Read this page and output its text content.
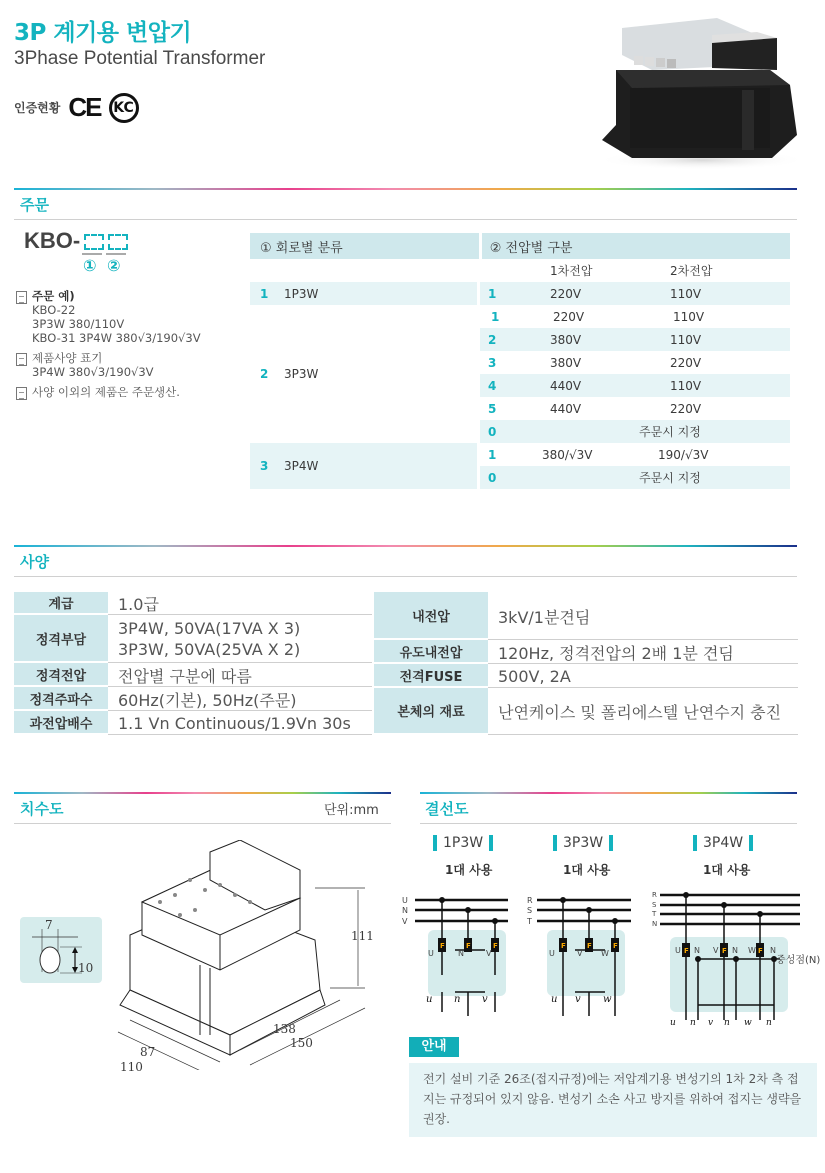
3P 계기용 변압기
3Phase Potential Transformer
인증현황 CE KC
주문
KBO-
① ②
주문 예)
KBO-22
3P3W 380/110V
KBO-31 3P4W 380√3/190√3V
제품사양 표기
3P4W 380√3/190√3V
사양 이외의 제품은 주문생산.
① 회로별 분류	② 전압별 구분
1차전압	2차전압
1	1P3W	1	220V	110V
2	3P3W
1	220V	110V
2	380V	110V
3	380V	220V
4	440V	110V
5	440V	220V
0	주문시 지정
3	3P4W
1	380/√3V	190/√3V
0	주문시 지정
사양
계급	1.0급
정격부담
3P4W, 50VA(17VA X 3)
3P3W, 50VA(25VA X 2)
정격전압	전압별 구분에 따름
정격주파수	60Hz(기본), 50Hz(주문)
과전압배수	1.1 Vn Continuous/1.9Vn 30s
내전압	3kV/1분견딤
유도내전압	120Hz, 정격전압의 2배 1분 견딤
전격FUSE	500V, 2A
본체의 재료	난연케이스 및 폴리에스텔 난연수지 충진
치수도	단위:mm
7
10
111
138
150
87
110
결선도
1P3W
1대 사용
3P3W
1대 사용
3P4W
1대 사용
U
N
V
F	F	F
U	N	V
u n v
R
S
T
F	F	F
U	V W
u v w
R
S
T
N
F	F	F
U N V N W N
u n v n w n
중성점(N)
안내
전기 설비 기준 26조(접지규정)에는 저압계기용 변성기의 1차 2차 측 접지는 규정되어 있지 않음. 변성기 소손 사고 방지를 위하여 접지는 생략을 권장.
